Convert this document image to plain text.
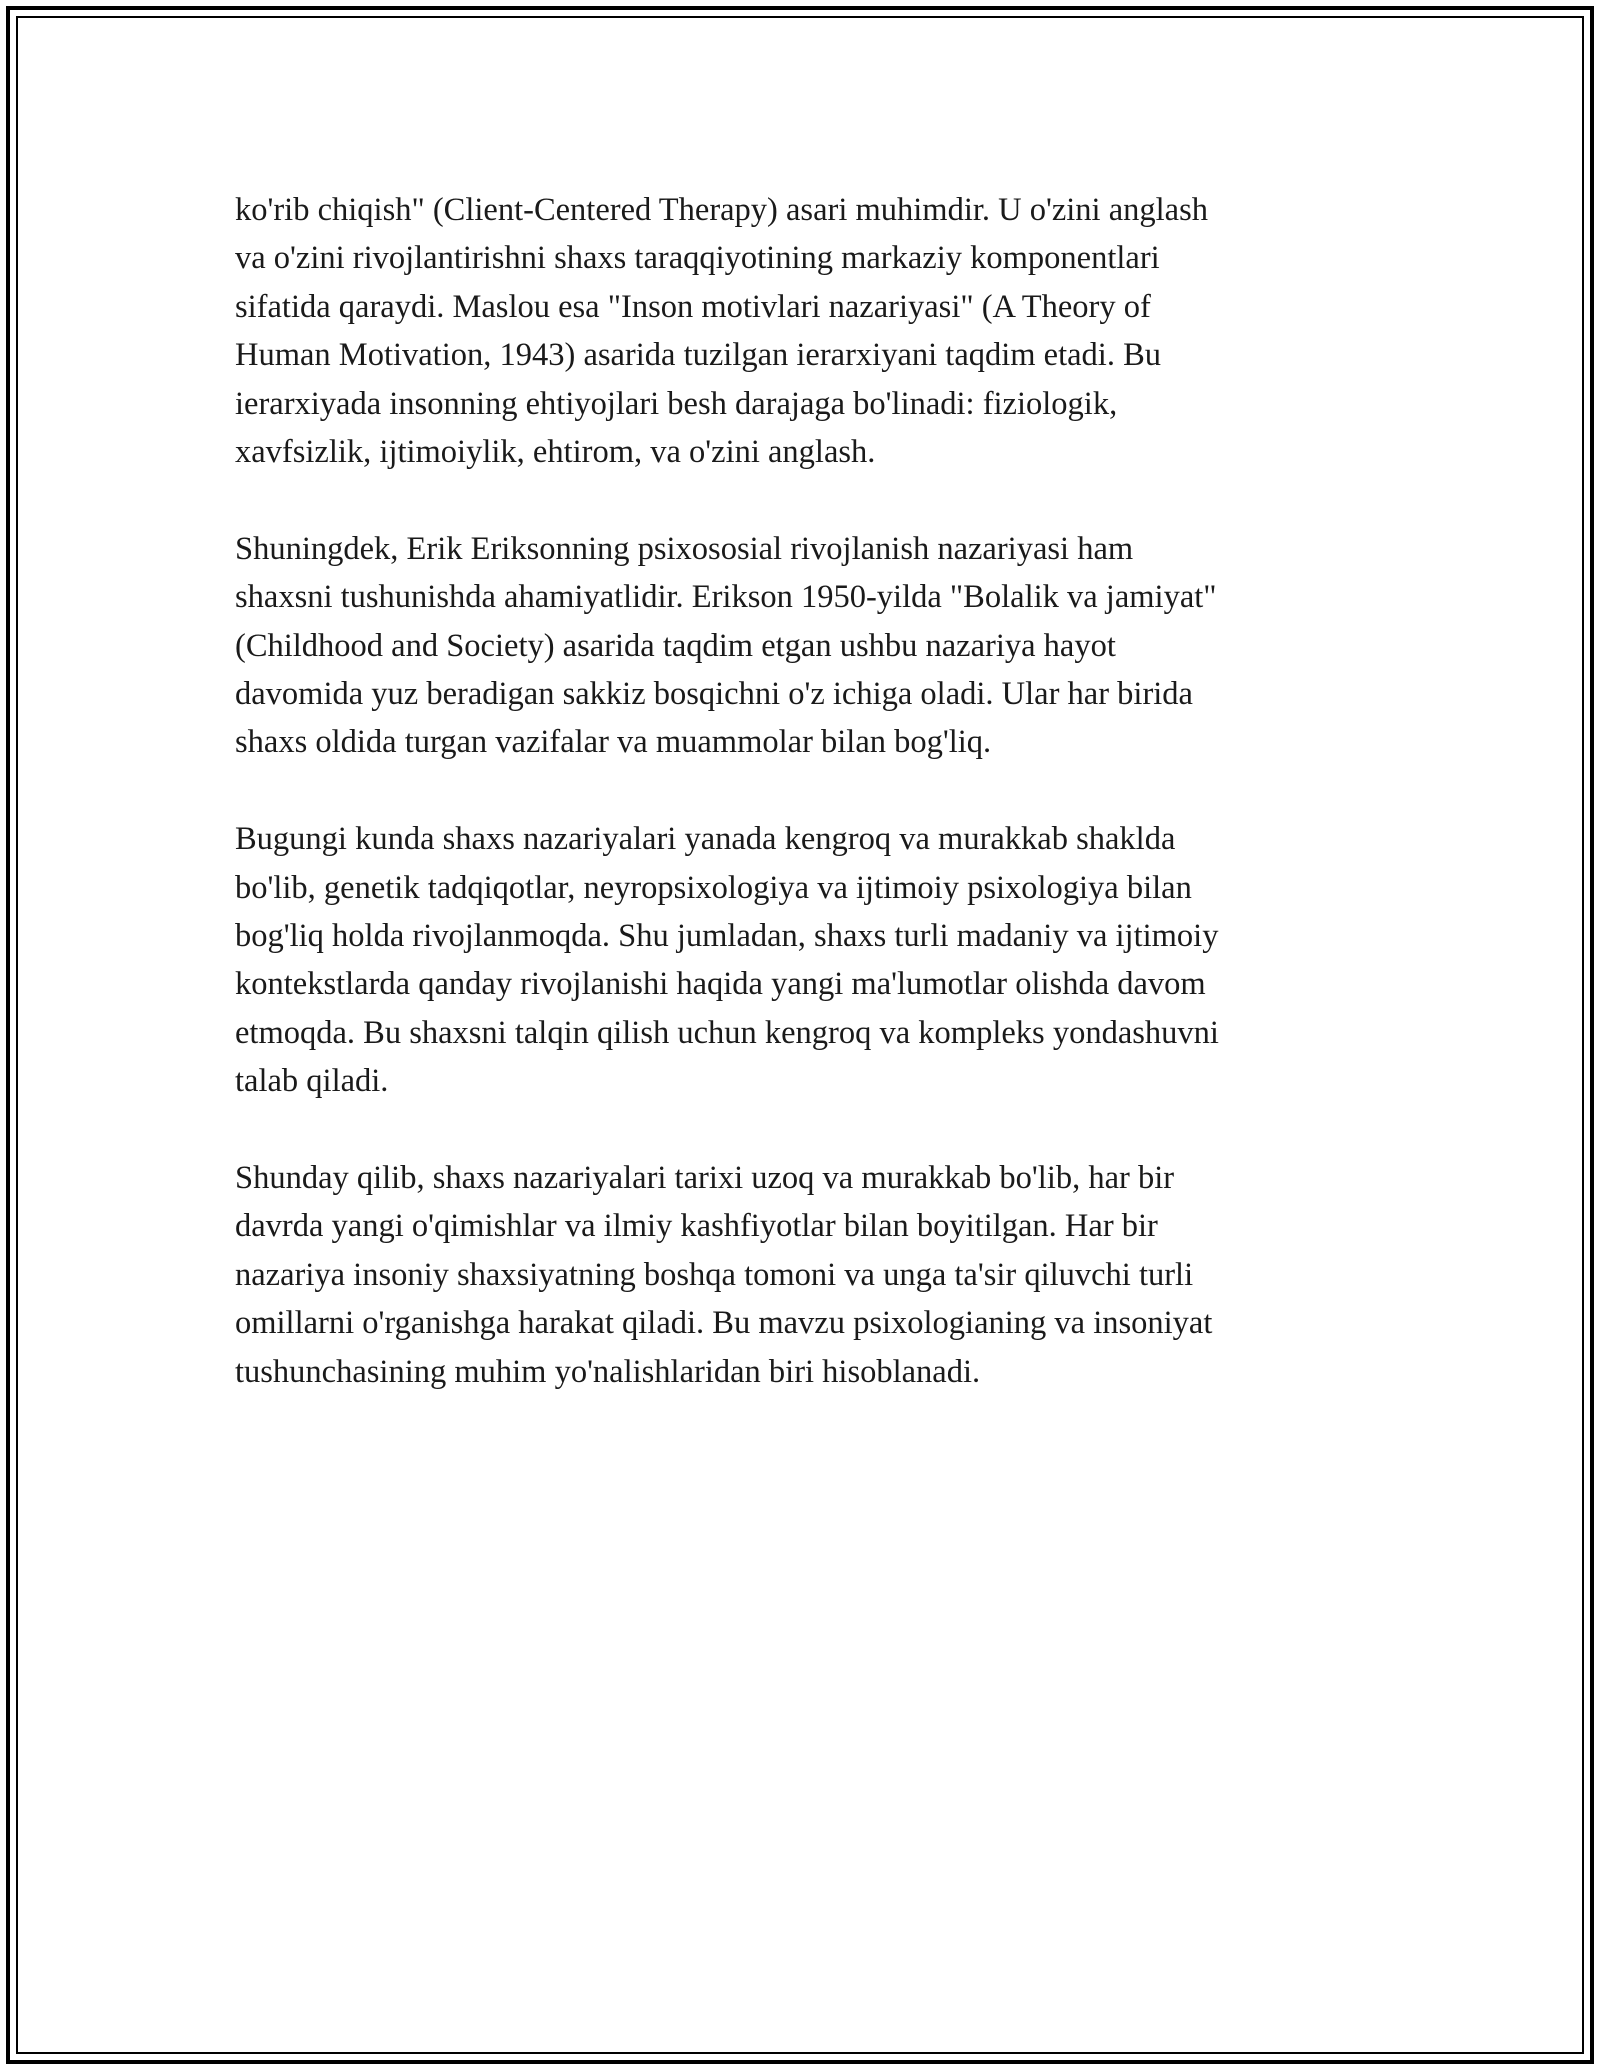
ko'rib chiqish" (Client-Centered Therapy) asari muhimdir. U o'zini anglash
va o'zini rivojlantirishni shaxs taraqqiyotining markaziy komponentlari
sifatida qaraydi. Maslou esa "Inson motivlari nazariyasi" (A Theory of
Human Motivation, 1943) asarida tuzilgan ierarxiyani taqdim etadi. Bu
ierarxiyada insonning ehtiyojlari besh darajaga bo'linadi: fiziologik,
xavfsizlik, ijtimoiylik, ehtirom, va o'zini anglash.
Shuningdek, Erik Eriksonning psixososial rivojlanish nazariyasi ham
shaxsni tushunishda ahamiyatlidir. Erikson 1950-yilda "Bolalik va jamiyat"
(Childhood and Society) asarida taqdim etgan ushbu nazariya hayot
davomida yuz beradigan sakkiz bosqichni o'z ichiga oladi. Ular har birida
shaxs oldida turgan vazifalar va muammolar bilan bog'liq.
Bugungi kunda shaxs nazariyalari yanada kengroq va murakkab shaklda
bo'lib, genetik tadqiqotlar, neyropsixologiya va ijtimoiy psixologiya bilan
bog'liq holda rivojlanmoqda. Shu jumladan, shaxs turli madaniy va ijtimoiy
kontekstlarda qanday rivojlanishi haqida yangi ma'lumotlar olishda davom
etmoqda. Bu shaxsni talqin qilish uchun kengroq va kompleks yondashuvni
talab qiladi.
Shunday qilib, shaxs nazariyalari tarixi uzoq va murakkab bo'lib, har bir
davrda yangi o'qimishlar va ilmiy kashfiyotlar bilan boyitilgan. Har bir
nazariya insoniy shaxsiyatning boshqa tomoni va unga ta'sir qiluvchi turli
omillarni o'rganishga harakat qiladi. Bu mavzu psixologianing va insoniyat
tushunchasining muhim yo'nalishlaridan biri hisoblanadi.
